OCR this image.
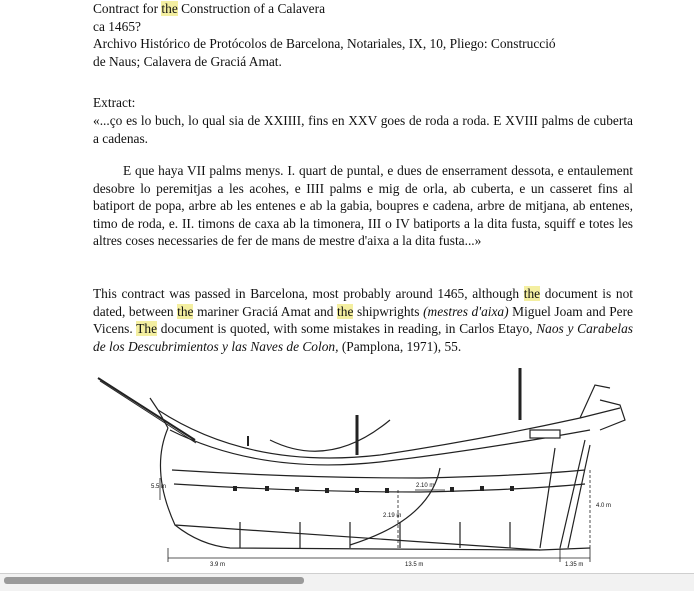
Contract for the Construction of a Calavera
ca 1465?
Archivo Histórico de Protócolos de Barcelona, Notariales, IX, 10, Pliego: Construcció
de Naus; Calavera de Graciá Amat.

Extract:

«...ço es lo buch, lo qual sia de XXIIII, fins en XXV goes de roda a roda. E XVIII palms de cuberta a cadenas.

E que haya VII palms menys. I. quart de puntal, e dues de enserrament dessota, e entaulement desobre lo peremitjas a les acohes, e IIII palms e mig de orla, ab cuberta, e un casseret fins al batiport de popa, arbre ab les entenes e ab la gabia, boupres e cadena, arbre de mitjana, ab entenes, timo de roda, e. II. timons de caxa ab la timonera, III o IV batiports a la dita fusta, squiff e totes les altres coses necessaries de fer de mans de mestre d'aixa a la dita fusta...»

This contract was passed in Barcelona, most probably around 1465, although the document is not dated, between the mariner Graciá Amat and the shipwrights (mestres d'aixa) Miguel Joam and Pere Vicens. The document is quoted, with some mistakes in reading, in Carlos Etayo, Naos y Carabelas de los Descubrimientos y las Naves de Colon, (Pamplona, 1971), 55.

5.5 m	2.10 m
2.19 m
4.0 m
3.9 m	13.5 m	1.35 m
